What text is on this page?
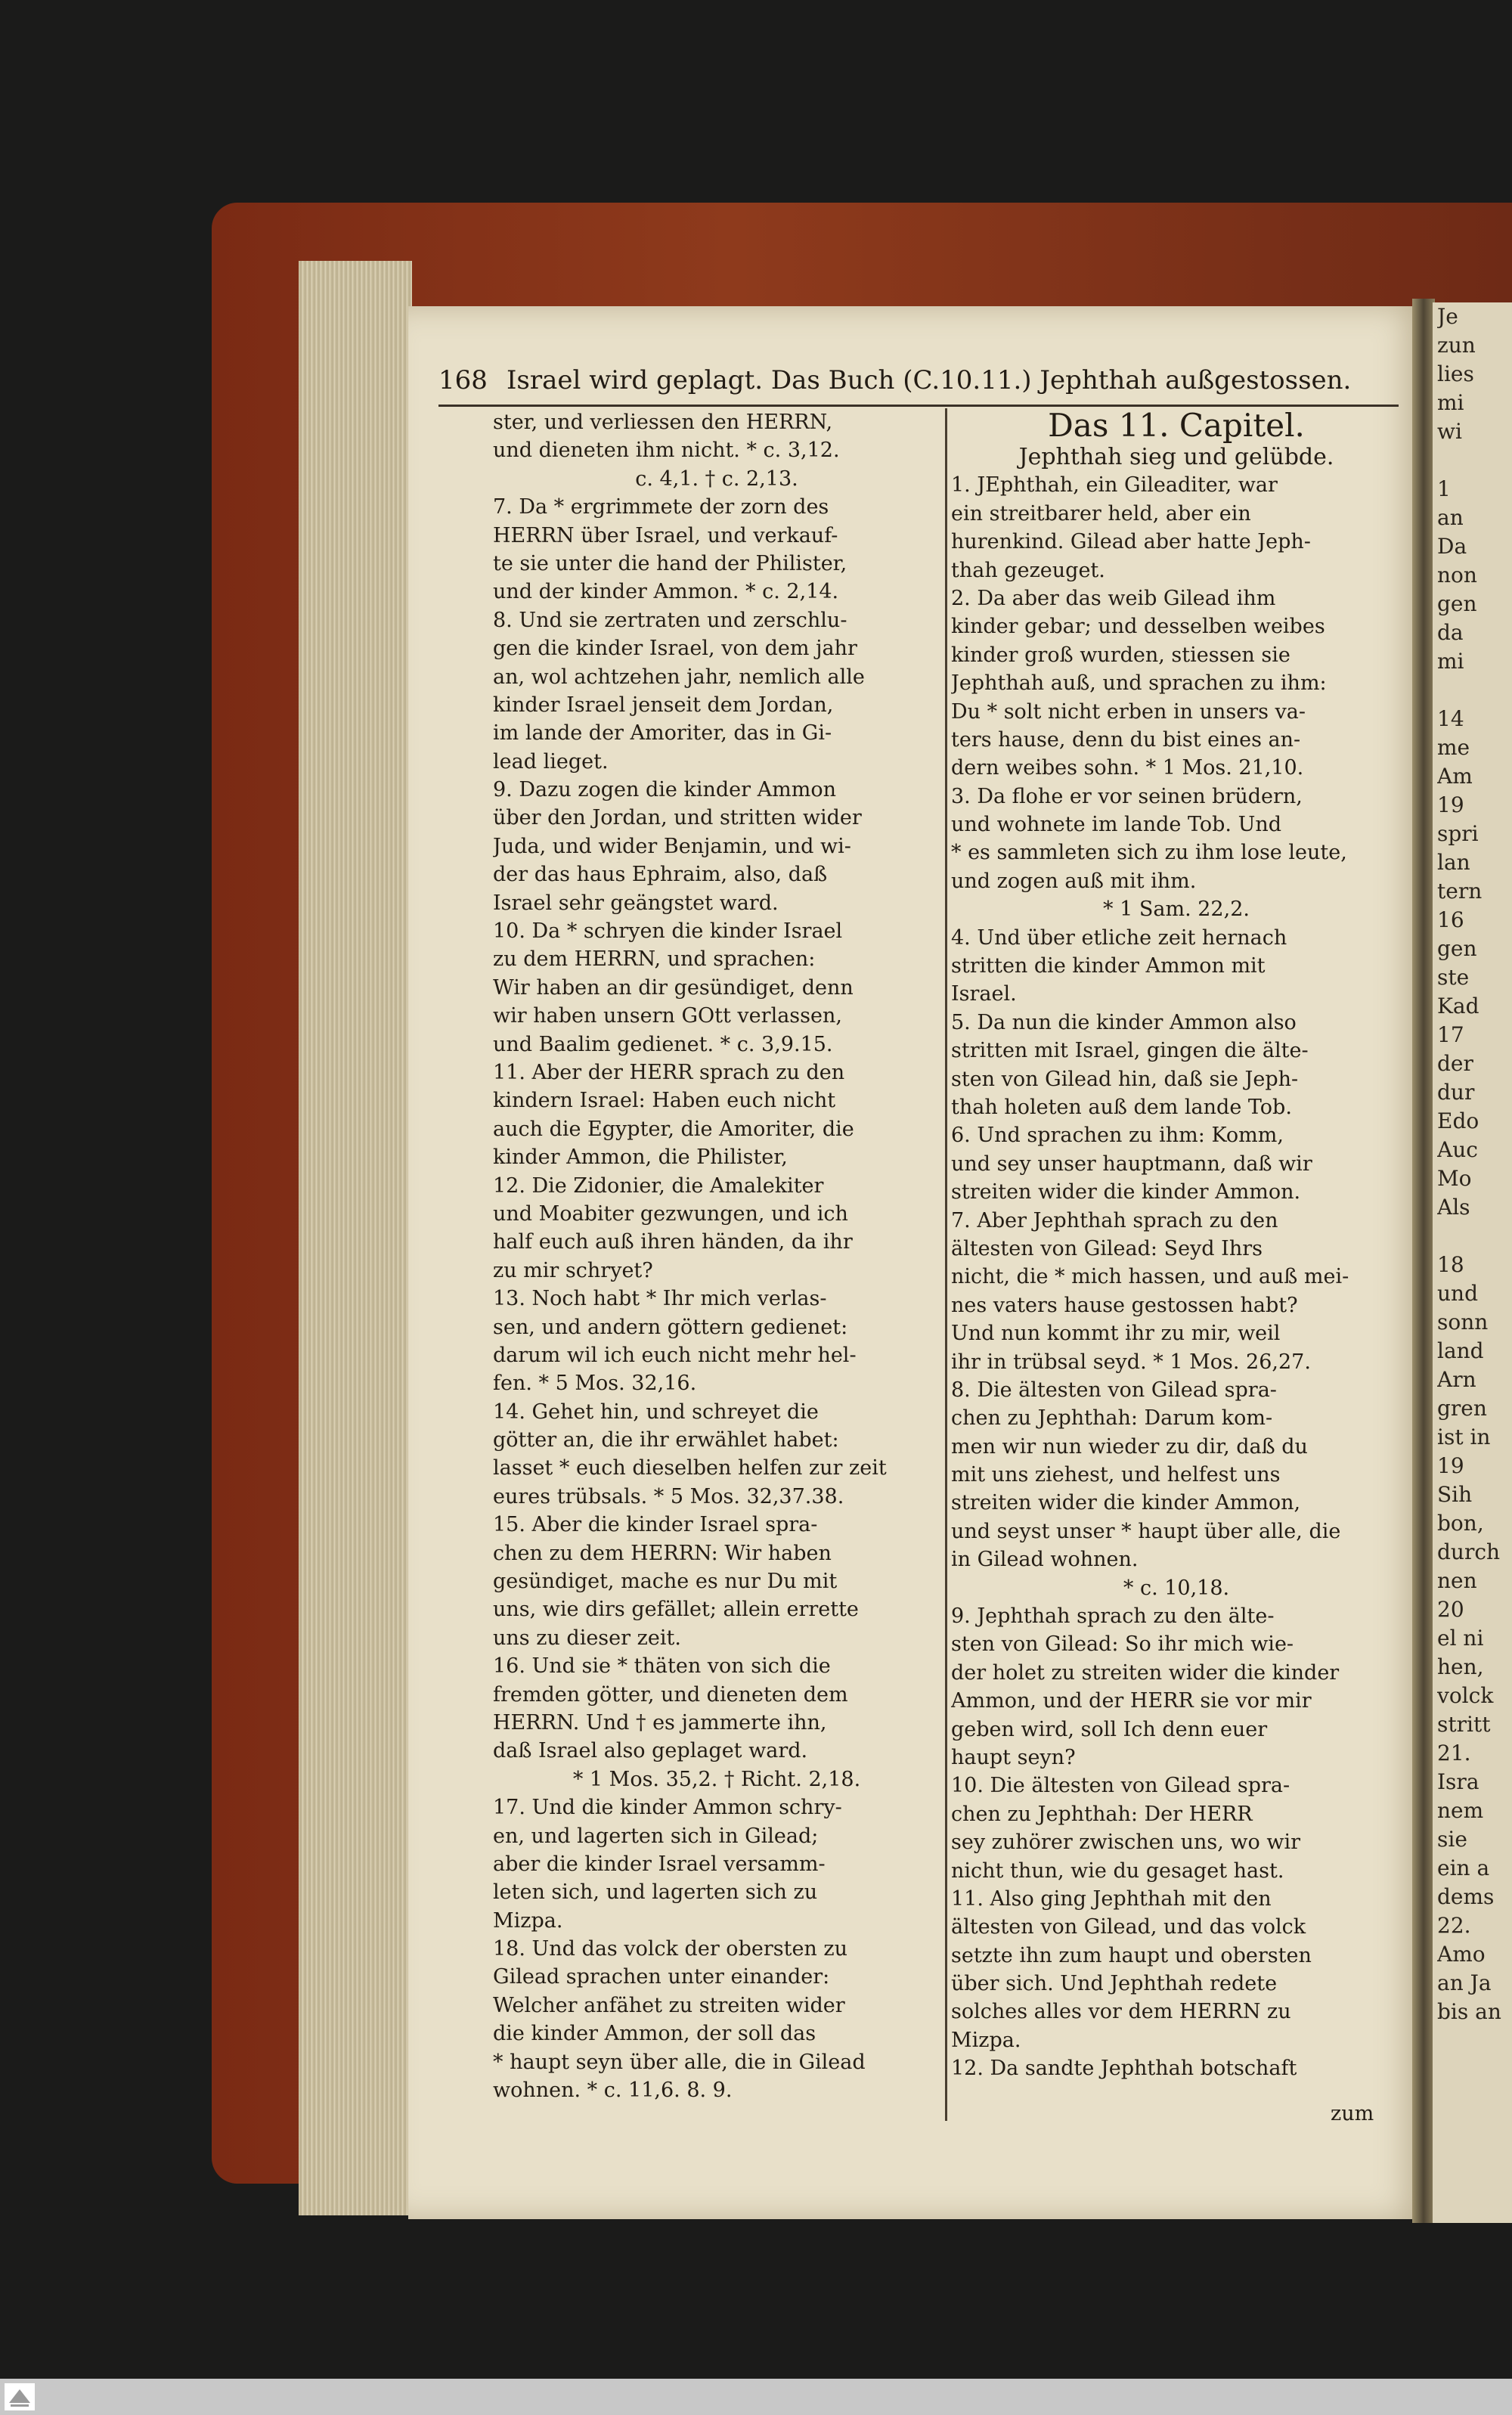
Je
zun
lies
mi
wi
1
an
Da
non
gen
da
mi
14
me
Am
19
spri
lan
tern
16
gen
ste
Kad
17
der
dur
Edo
Auc
Mo
Als
18
und
sonn
land
Arn
gren
ist in
19
Sih
bon,
durch
nen
20
el ni
hen,
volck
stritt
21.
Isra
nem
sie
ein a
dems
22.
Amo
an Ja
bis an
168 Israel wird geplagt. Das Buch (C.10.11.) Jephthah außgestossen.
ster, und verliessen den HERRN,
und dieneten ihm nicht. * c. 3,12.
c. 4,1. † c. 2,13.
7. Da * ergrimmete der zorn des
HERRN über Israel, und verkauf-
te sie unter die hand der Philister,
und der kinder Ammon. * c. 2,14.
8. Und sie zertraten und zerschlu-
gen die kinder Israel, von dem jahr
an, wol achtzehen jahr, nemlich alle
kinder Israel jenseit dem Jordan,
im lande der Amoriter, das in Gi-
lead lieget.
9. Dazu zogen die kinder Ammon
über den Jordan, und stritten wider
Juda, und wider Benjamin, und wi-
der das haus Ephraim, also, daß
Israel sehr geängstet ward.
10. Da * schryen die kinder Israel
zu dem HERRN, und sprachen:
Wir haben an dir gesündiget, denn
wir haben unsern GOtt verlassen,
und Baalim gedienet. * c. 3,9.15.
11. Aber der HERR sprach zu den
kindern Israel: Haben euch nicht
auch die Egypter, die Amoriter, die
kinder Ammon, die Philister,
12. Die Zidonier, die Amalekiter
und Moabiter gezwungen, und ich
half euch auß ihren händen, da ihr
zu mir schryet?
13. Noch habt * Ihr mich verlas-
sen, und andern göttern gedienet:
darum wil ich euch nicht mehr hel-
fen. * 5 Mos. 32,16.
14. Gehet hin, und schreyet die
götter an, die ihr erwählet habet:
lasset * euch dieselben helfen zur zeit
eures trübsals. * 5 Mos. 32,37.38.
15. Aber die kinder Israel spra-
chen zu dem HERRN: Wir haben
gesündiget, mache es nur Du mit
uns, wie dirs gefället; allein errette
uns zu dieser zeit.
16. Und sie * thäten von sich die
fremden götter, und dieneten dem
HERRN. Und † es jammerte ihn,
daß Israel also geplaget ward.
* 1 Mos. 35,2. † Richt. 2,18.
17. Und die kinder Ammon schry-
en, und lagerten sich in Gilead;
aber die kinder Israel versamm-
leten sich, und lagerten sich zu
Mizpa.
18. Und das volck der obersten zu
Gilead sprachen unter einander:
Welcher anfähet zu streiten wider
die kinder Ammon, der soll das
* haupt seyn über alle, die in Gilead
wohnen. * c. 11,6. 8. 9.
Das 11. Capitel.
Jephthah sieg und gelübde.
1. JEphthah, ein Gileaditer, war
ein streitbarer held, aber ein
hurenkind. Gilead aber hatte Jeph-
thah gezeuget.
2. Da aber das weib Gilead ihm
kinder gebar; und desselben weibes
kinder groß wurden, stiessen sie
Jephthah auß, und sprachen zu ihm:
Du * solt nicht erben in unsers va-
ters hause, denn du bist eines an-
dern weibes sohn. * 1 Mos. 21,10.
3. Da flohe er vor seinen brüdern,
und wohnete im lande Tob. Und
* es sammleten sich zu ihm lose leute,
und zogen auß mit ihm.
* 1 Sam. 22,2.
4. Und über etliche zeit hernach
stritten die kinder Ammon mit
Israel.
5. Da nun die kinder Ammon also
stritten mit Israel, gingen die älte-
sten von Gilead hin, daß sie Jeph-
thah holeten auß dem lande Tob.
6. Und sprachen zu ihm: Komm,
und sey unser hauptmann, daß wir
streiten wider die kinder Ammon.
7. Aber Jephthah sprach zu den
ältesten von Gilead: Seyd Ihrs
nicht, die * mich hassen, und auß mei-
nes vaters hause gestossen habt?
Und nun kommt ihr zu mir, weil
ihr in trübsal seyd. * 1 Mos. 26,27.
8. Die ältesten von Gilead spra-
chen zu Jephthah: Darum kom-
men wir nun wieder zu dir, daß du
mit uns ziehest, und helfest uns
streiten wider die kinder Ammon,
und seyst unser * haupt über alle, die
in Gilead wohnen.
* c. 10,18.
9. Jephthah sprach zu den älte-
sten von Gilead: So ihr mich wie-
der holet zu streiten wider die kinder
Ammon, und der HERR sie vor mir
geben wird, soll Ich denn euer
haupt seyn?
10. Die ältesten von Gilead spra-
chen zu Jephthah: Der HERR
sey zuhörer zwischen uns, wo wir
nicht thun, wie du gesaget hast.
11. Also ging Jephthah mit den
ältesten von Gilead, und das volck
setzte ihn zum haupt und obersten
über sich. Und Jephthah redete
solches alles vor dem HERRN zu
Mizpa.
12. Da sandte Jephthah botschaft
zum
